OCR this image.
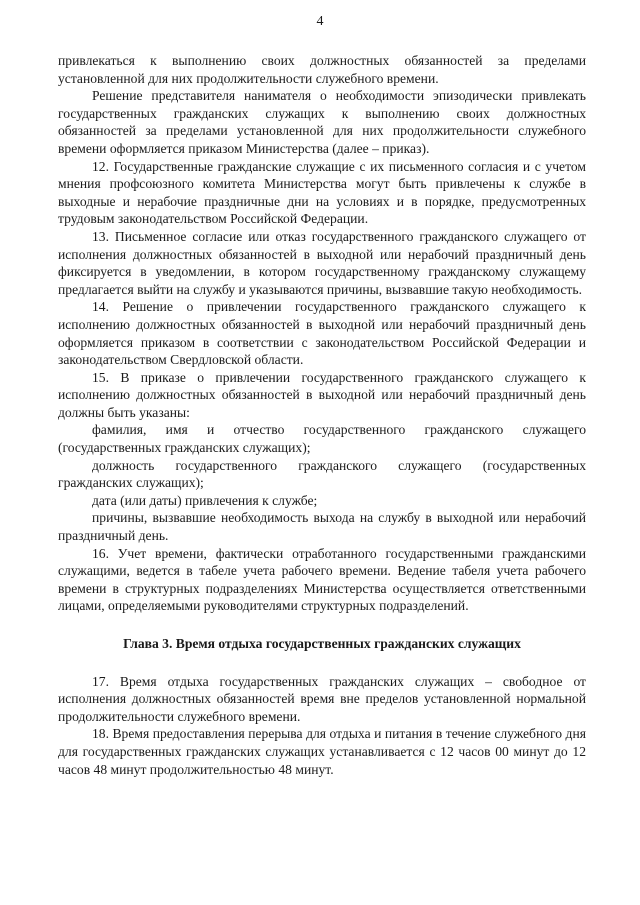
4

привлекаться к выполнению своих должностных обязанностей за пределами установленной для них продолжительности служебного времени.

Решение представителя нанимателя о необходимости эпизодически привлекать государственных гражданских служащих к выполнению своих должностных обязанностей за пределами установленной для них продолжительности служебного времени оформляется приказом Министерства (далее – приказ).

12. Государственные гражданские служащие с их письменного согласия и с учетом мнения профсоюзного комитета Министерства могут быть привлечены к службе в выходные и нерабочие праздничные дни на условиях и в порядке, предусмотренных трудовым законодательством Российской Федерации.

13. Письменное согласие или отказ государственного гражданского служащего от исполнения должностных обязанностей в выходной или нерабочий праздничный день фиксируется в уведомлении, в котором государственному гражданскому служащему предлагается выйти на службу и указываются причины, вызвавшие такую необходимость.

14. Решение о привлечении государственного гражданского служащего к исполнению должностных обязанностей в выходной или нерабочий праздничный день оформляется приказом в соответствии с законодательством Российской Федерации и законодательством Свердловской области.

15. В приказе о привлечении государственного гражданского служащего к исполнению должностных обязанностей в выходной или нерабочий праздничный день должны быть указаны:

фамилия, имя и отчество государственного гражданского служащего (государственных гражданских служащих);

должность государственного гражданского служащего (государственных гражданских служащих);

дата (или даты) привлечения к службе;

причины, вызвавшие необходимость выхода на службу в выходной или нерабочий праздничный день.

16. Учет времени, фактически отработанного государственными гражданскими служащими, ведется в табеле учета рабочего времени. Ведение табеля учета рабочего времени в структурных подразделениях Министерства осуществляется ответственными лицами, определяемыми руководителями структурных подразделений.

Глава 3. Время отдыха государственных гражданских служащих

17. Время отдыха государственных гражданских служащих – свободное от исполнения должностных обязанностей время вне пределов установленной нормальной продолжительности служебного времени.

18. Время предоставления перерыва для отдыха и питания в течение служебного дня для государственных гражданских служащих устанавливается с 12 часов 00 минут до 12 часов 48 минут продолжительностью 48 минут.
